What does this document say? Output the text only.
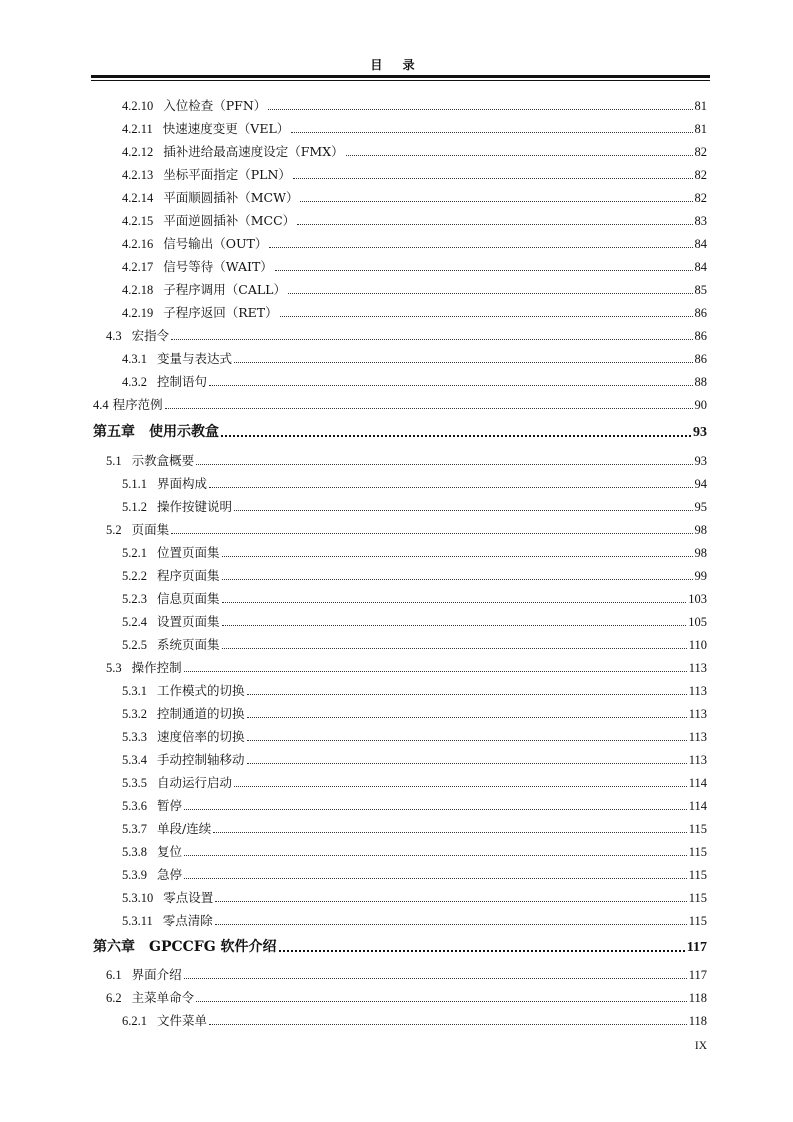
目 录
4.2.10 入位检查（PFN）	81
4.2.11 快速速度变更（VEL）	81
4.2.12 插补进给最高速度设定（FMX）	82
4.2.13 坐标平面指定（PLN）	82
4.2.14 平面顺圆插补（MCW）	82
4.2.15 平面逆圆插补（MCC）	83
4.2.16 信号输出（OUT）	84
4.2.17 信号等待（WAIT）	84
4.2.18 子程序调用（CALL）	85
4.2.19 子程序返回（RET）	86
4.3 宏指令	86
4.3.1 变量与表达式	86
4.3.2 控制语句	88
4.4 程序范例	90
第五章 使用示教盒	93
5.1 示教盒概要	93
5.1.1 界面构成	94
5.1.2 操作按键说明	95
5.2 页面集	98
5.2.1 位置页面集	98
5.2.2 程序页面集	99
5.2.3 信息页面集	103
5.2.4 设置页面集	105
5.2.5 系统页面集	110
5.3 操作控制	113
5.3.1 工作模式的切换	113
5.3.2 控制通道的切换	113
5.3.3 速度倍率的切换	113
5.3.4 手动控制轴移动	113
5.3.5 自动运行启动	114
5.3.6 暂停	114
5.3.7 单段/连续	115
5.3.8 复位	115
5.3.9 急停	115
5.3.10 零点设置	115
5.3.11 零点清除	115
第六章 GPCCFG 软件介绍	117
6.1 界面介绍	117
6.2 主菜单命令	118
6.2.1 文件菜单	118
IX
